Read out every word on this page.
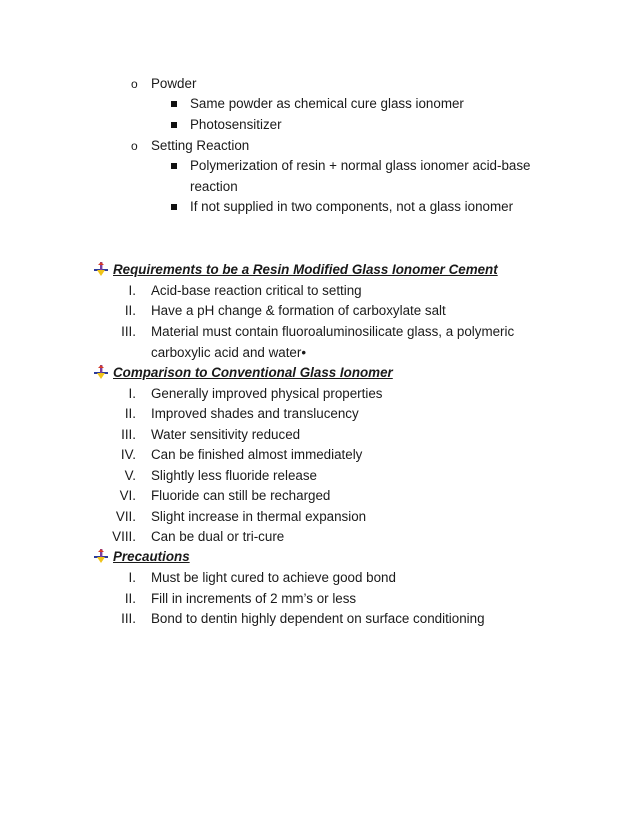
o Powder
Same powder as chemical cure glass ionomer
Photosensitizer
o Setting Reaction
Polymerization of resin + normal glass ionomer acid-base
reaction
If not supplied in two components, not a glass ionomer
Requirements to be a Resin Modified Glass Ionomer Cement
I. Acid-base reaction critical to setting
II. Have a pH change & formation of carboxylate salt
III. Material must contain fluoroaluminosilicate glass, a polymeric
carboxylic acid and water•
Comparison to Conventional Glass Ionomer
I. Generally improved physical properties
II. Improved shades and translucency
III. Water sensitivity reduced
IV. Can be finished almost immediately
V. Slightly less fluoride release
VI. Fluoride can still be recharged
VII. Slight increase in thermal expansion
VIII. Can be dual or tri-cure
Precautions
I. Must be light cured to achieve good bond
II. Fill in increments of 2 mm’s or less
III. Bond to dentin highly dependent on surface conditioning
